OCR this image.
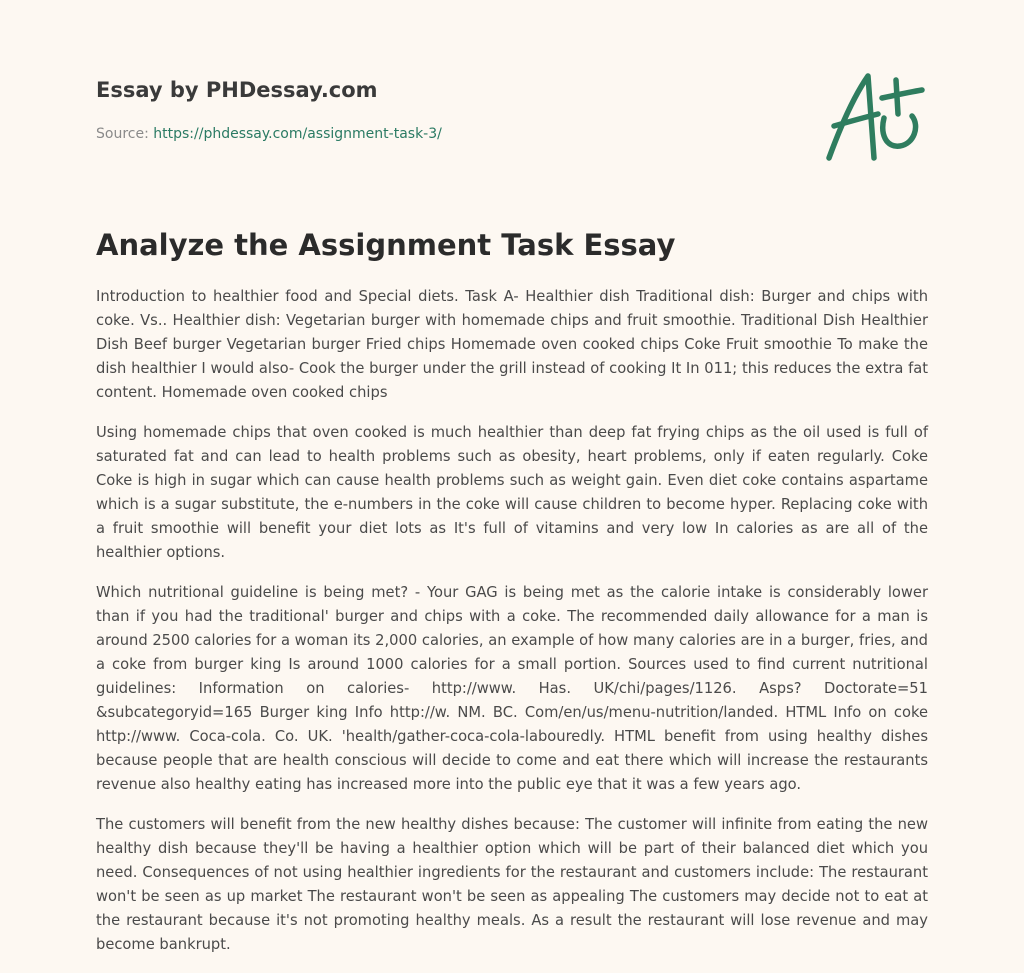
Essay by PHDessay.com
Source: https://phdessay.com/assignment-task-3/
Analyze the Assignment Task Essay

Introduction to healthier food and Special diets. Task A- Healthier dish Traditional dish: Burger and chips with coke. Vs.. Healthier dish: Vegetarian burger with homemade chips and fruit smoothie. Traditional Dish Healthier Dish Beef burger Vegetarian burger Fried chips Homemade oven cooked chips Coke Fruit smoothie To make the dish healthier I would also- Cook the burger under the grill instead of cooking It In 011; this reduces the extra fat content. Homemade oven cooked chips

Using homemade chips that oven cooked is much healthier than deep fat frying chips as the oil used is full of saturated fat and can lead to health problems such as obesity, heart problems, only if eaten regularly. Coke Coke is high in sugar which can cause health problems such as weight gain. Even diet coke contains aspartame which is a sugar substitute, the e-numbers in the coke will cause children to become hyper. Replacing coke with a fruit smoothie will benefit your diet lots as It's full of vitamins and very low In calories as are all of the healthier options.

Which nutritional guideline is being met? - Your GAG is being met as the calorie intake is considerably lower than if you had the traditional' burger and chips with a coke. The recommended daily allowance for a man is around 2500 calories for a woman its 2,000 calories, an example of how many calories are in a burger, fries, and a coke from burger king Is around 1000 calories for a small portion. Sources used to find current nutritional guidelines: Information on calories- http://www. Has. UK/chi/pages/1126. Asps? Doctorate=51 &subcategoryid=165 Burger king Info http://w. NM. BC. Com/en/us/menu-nutrition/landed. HTML Info on coke http://www. Coca-cola. Co. UK. 'health/gather-coca-cola-labouredly. HTML benefit from using healthy dishes because people that are health conscious will decide to come and eat there which will increase the restaurants revenue also healthy eating has increased more into the public eye that it was a few years ago.

The customers will benefit from the new healthy dishes because: The customer will infinite from eating the new healthy dish because they'll be having a healthier option which will be part of their balanced diet which you need. Consequences of not using healthier ingredients for the restaurant and customers include: The restaurant won't be seen as up market The restaurant won't be seen as appealing The customers may decide not to eat at the restaurant because it's not promoting healthy meals. As a result the restaurant will lose revenue and may become bankrupt.
